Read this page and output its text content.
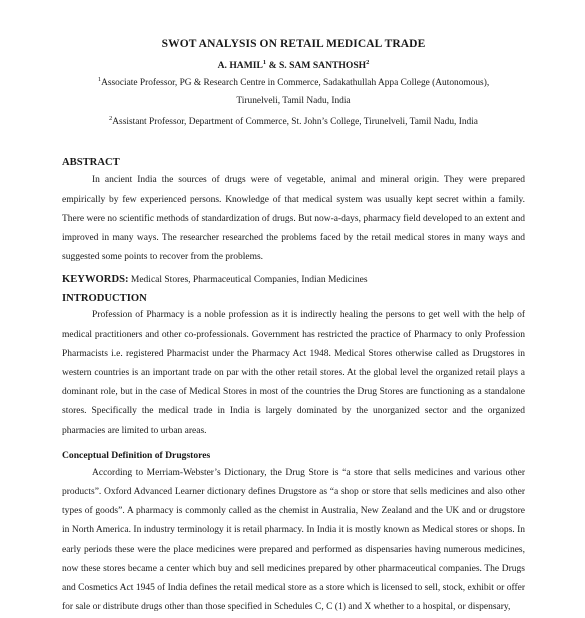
SWOT ANALYSIS ON RETAIL MEDICAL TRADE
A. HAMIL$^1$ & S. SAM SANTHOSH$^2$
$^1$Associate Professor, PG & Research Centre in Commerce, Sadakathullah Appa College (Autonomous),
Tirunelveli, Tamil Nadu, India
$^2$Assistant Professor, Department of Commerce, St. John’s College, Tirunelveli, Tamil Nadu, India
ABSTRACT

In ancient India the sources of drugs were of vegetable, animal and mineral origin. They were prepared empirically by few experienced persons. Knowledge of that medical system was usually kept secret within a family. There were no scientific methods of standardization of drugs. But now-a-days, pharmacy field developed to an extent and improved in many ways. The researcher researched the problems faced by the retail medical stores in many ways and suggested some points to recover from the problems.

KEYWORDS: Medical Stores, Pharmaceutical Companies, Indian Medicines
INTRODUCTION

Profession of Pharmacy is a noble profession as it is indirectly healing the persons to get well with the help of medical practitioners and other co-professionals. Government has restricted the practice of Pharmacy to only Profession Pharmacists i.e. registered Pharmacist under the Pharmacy Act 1948. Medical Stores otherwise called as Drugstores in western countries is an important trade on par with the other retail stores. At the global level the organized retail plays a dominant role, but in the case of Medical Stores in most of the countries the Drug Stores are functioning as a standalone stores. Specifically the medical trade in India is largely dominated by the unorganized sector and the organized pharmacies are limited to urban areas.

Conceptual Definition of Drugstores

According to Merriam-Webster’s Dictionary, the Drug Store is “a store that sells medicines and various other products”. Oxford Advanced Learner dictionary defines Drugstore as “a shop or store that sells medicines and also other types of goods”. A pharmacy is commonly called as the chemist in Australia, New Zealand and the UK and or drugstore in North America. In industry terminology it is retail pharmacy. In India it is mostly known as Medical stores or shops. In early periods these were the place medicines were prepared and performed as dispensaries having numerous medicines, now these stores became a center which buy and sell medicines prepared by other pharmaceutical companies. The Drugs and Cosmetics Act 1945 of India defines the retail medical store as a store which is licensed to sell, stock, exhibit or offer for sale or distribute drugs other than those specified in Schedules C, C (1) and X whether to a hospital, or dispensary,
